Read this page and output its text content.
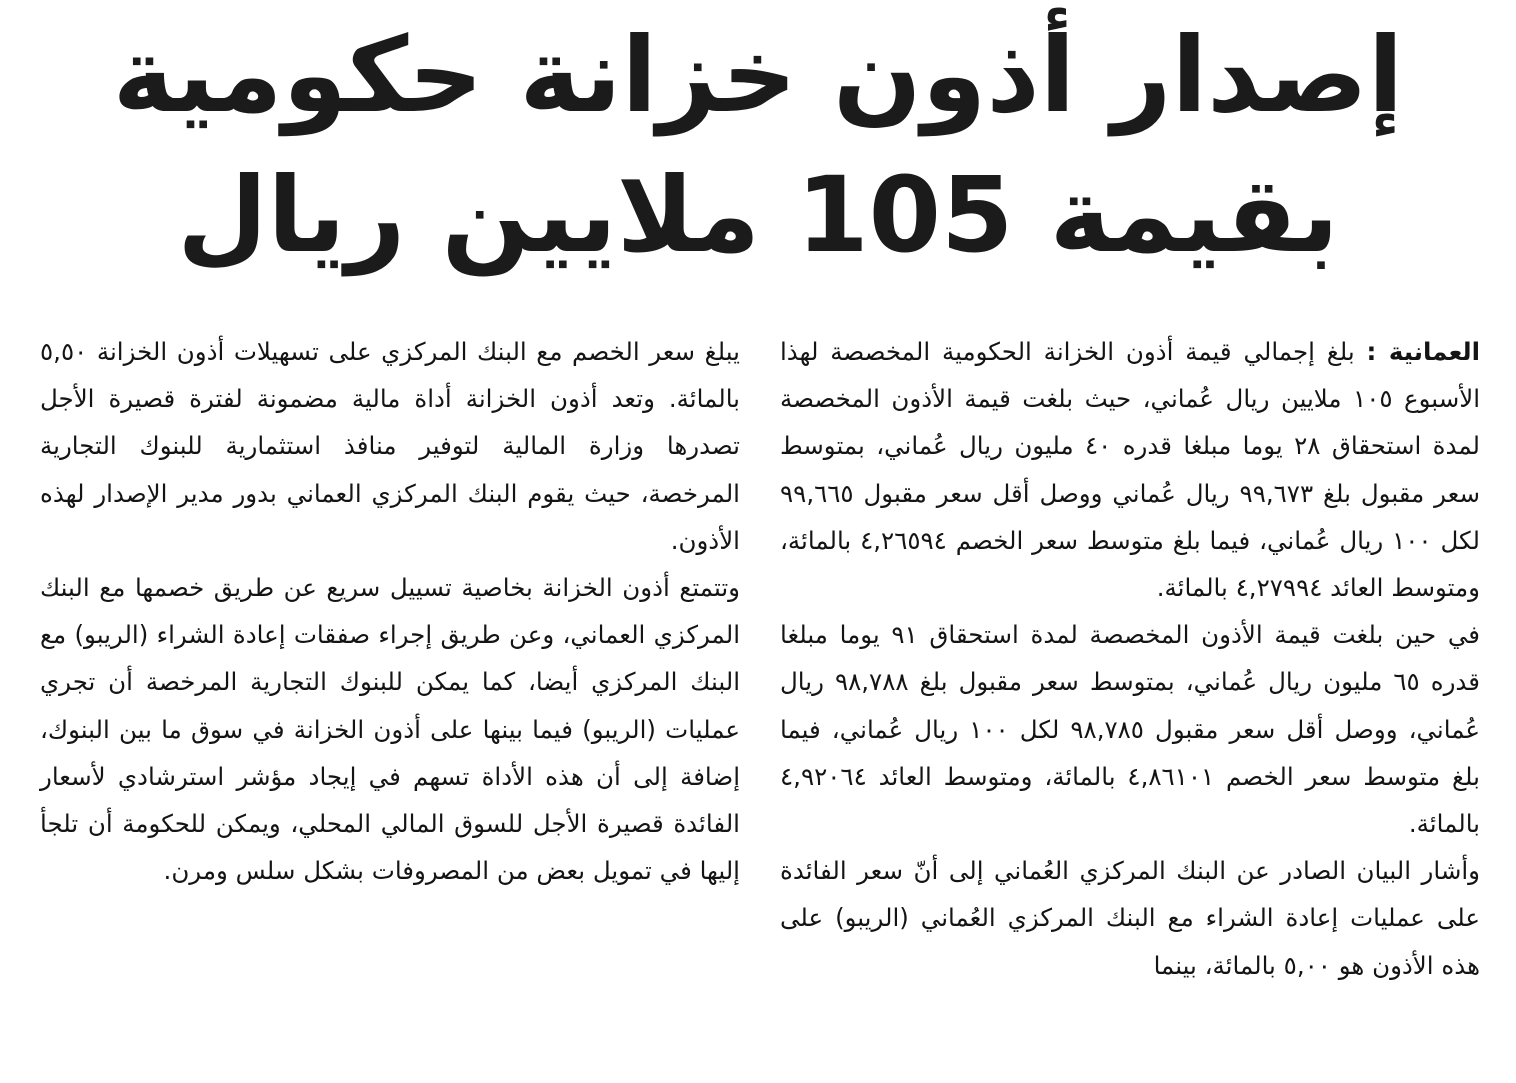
إصدار أذون خزانة حكومية
بقيمة 105 ملايين ريال

العمانية : بلغ إجمالي قيمة أذون الخزانة الحكومية المخصصة لهذا الأسبوع ١٠٥ ملايين ريال عُماني، حيث بلغت قيمة الأذون المخصصة لمدة استحقاق ٢٨ يوما مبلغا قدره ٤٠ مليون ريال عُماني، بمتوسط سعر مقبول بلغ ٩٩,٦٧٣ ريال عُماني ووصل أقل سعر مقبول ٩٩,٦٦٥ لكل ١٠٠ ريال عُماني، فيما بلغ متوسط سعر الخصم ٤,٢٦٥٩٤ بالمائة، ومتوسط العائد ٤,٢٧٩٩٤ بالمائة.

في حين بلغت قيمة الأذون المخصصة لمدة استحقاق ٩١ يوما مبلغا قدره ٦٥ مليون ريال عُماني، بمتوسط سعر مقبول بلغ ٩٨,٧٨٨ ريال عُماني، ووصل أقل سعر مقبول ٩٨,٧٨٥ لكل ١٠٠ ريال عُماني، فيما بلغ متوسط سعر الخصم ٤,٨٦١٠١ بالمائة، ومتوسط العائد ٤,٩٢٠٦٤ بالمائة.

وأشار البيان الصادر عن البنك المركزي العُماني إلى أنّ سعر الفائدة على عمليات إعادة الشراء مع البنك المركزي العُماني (الريبو) على هذه الأذون هو ٥,٠٠ بالمائة، بينما

يبلغ سعر الخصم مع البنك المركزي على تسهيلات أذون الخزانة ٥,٥٠ بالمائة. وتعد أذون الخزانة أداة مالية مضمونة لفترة قصيرة الأجل تصدرها وزارة المالية لتوفير منافذ استثمارية للبنوك التجارية المرخصة، حيث يقوم البنك المركزي العماني بدور مدير الإصدار لهذه الأذون.

وتتمتع أذون الخزانة بخاصية تسييل سريع عن طريق خصمها مع البنك المركزي العماني، وعن طريق إجراء صفقات إعادة الشراء (الريبو) مع البنك المركزي أيضا، كما يمكن للبنوك التجارية المرخصة أن تجري عمليات (الريبو) فيما بينها على أذون الخزانة في سوق ما بين البنوك، إضافة إلى أن هذه الأداة تسهم في إيجاد مؤشر استرشادي لأسعار الفائدة قصيرة الأجل للسوق المالي المحلي، ويمكن للحكومة أن تلجأ إليها في تمويل بعض من المصروفات بشكل سلس ومرن.
